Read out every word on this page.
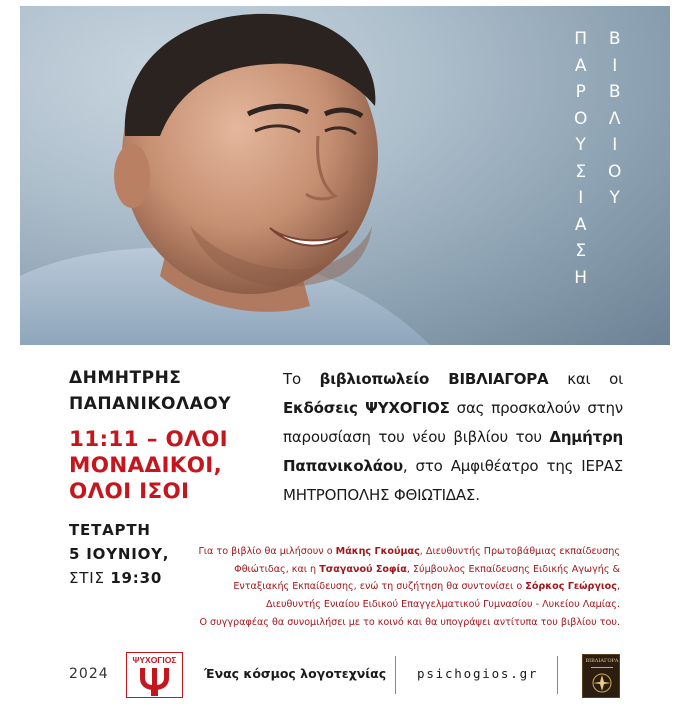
Π
Α
Ρ
Ο
Υ
Σ
Ι
Α
Σ
Η
Β
Ι
Β
Λ
Ι
Ο
Υ
ΔΗΜΗΤΡΗΣ
ΠΑΠΑΝΙΚΟΛΑΟΥ
11:11 – ΟΛΟΙ
ΜΟΝΑΔΙΚΟΙ,
ΟΛΟΙ ΙΣΟΙ
ΤΕΤΑΡΤΗ
5 ΙΟΥΝΙΟΥ,
ΣΤΙΣ 19:30
Το βιβλιοπωλείο ΒΙΒΛΙΑΓΟΡΑ και οι Εκδόσεις ΨΥΧΟΓΙΟΣ σας προσκαλούν στην παρουσίαση του νέου βιβλίου του Δημήτρη Παπανικολάου, στο Αμφιθέατρο της ΙΕΡΑΣ ΜΗΤΡΟΠΟΛΗΣ ΦΘΙΩΤΙΔΑΣ.
Για το βιβλίο θα μιλήσουν ο Μάκης Γκούμας, Διευθυντής Πρωτοβάθμιας εκπαίδευσης Φθιώτιδας, και η Τσαγανού Σοφία, Σύμβουλος Εκπαίδευσης Ειδικής Αγωγής & Ενταξιακής Εκπαίδευσης, ενώ τη συζήτηση θα συντονίσει ο Σόρκος Γεώργιος, Διευθυντής Ενιαίου Ειδικού Επαγγελματικού Γυμνασίου - Λυκείου Λαμίας.
Ο συγγραφέας θα συνομιλήσει με το κοινό και θα υπογράψει αντίτυπα του βιβλίου του.
2024
ΨΥΧΟΓΙΟΣ
Ένας κόσμος λογοτεχνίας psichogios.gr
ΒΙΒΛΙΑΓΟΡΑ
